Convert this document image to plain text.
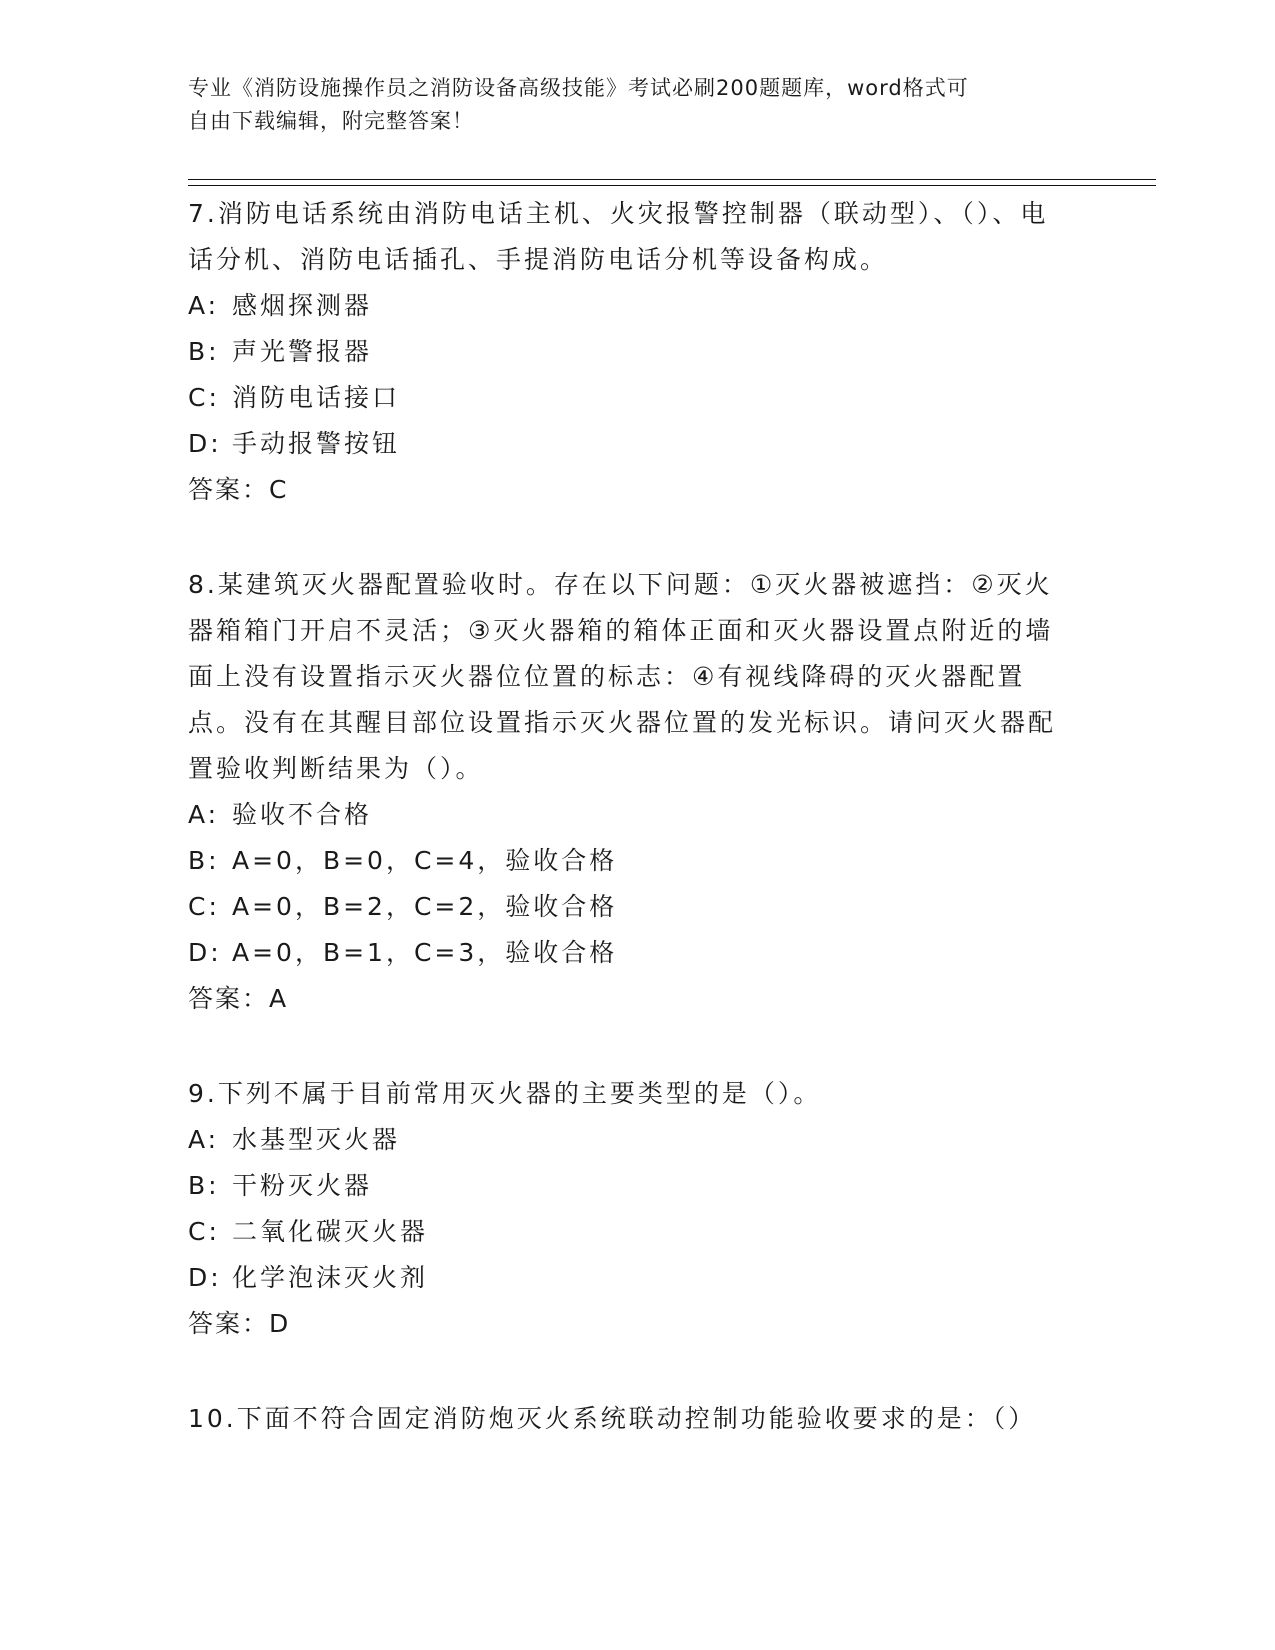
专业《消防设施操作员之消防设备高级技能》考试必刷200题题库，word格式可
自由下载编辑，附完整答案！

7.消防电话系统由消防电话主机、火灾报警控制器（联动型）、（）、电话分机、消防电话插孔、手提消防电话分机等设备构成。

A: 感烟探测器

B: 声光警报器

C: 消防电话接口

D: 手动报警按钮

答案： C

8.某建筑灭火器配置验收时。存在以下问题：①灭火器被遮挡：②灭火器箱箱门开启不灵活；③灭火器箱的箱体正面和灭火器设置点附近的墙面上没有设置指示灭火器位位置的标志：④有视线降碍的灭火器配置点。没有在其醒目部位设置指示灭火器位置的发光标识。请问灭火器配置验收判断结果为（）。

A: 验收不合格

B: A=0，B=0，C=4，验收合格

C: A=0，B=2，C=2，验收合格

D: A=0，B=1，C=3，验收合格

答案： A

9.下列不属于目前常用灭火器的主要类型的是（）。

A: 水基型灭火器

B: 干粉灭火器

C: 二氧化碳灭火器

D: 化学泡沫灭火剂

答案： D

10.下面不符合固定消防炮灭火系统联动控制功能验收要求的是：（）
